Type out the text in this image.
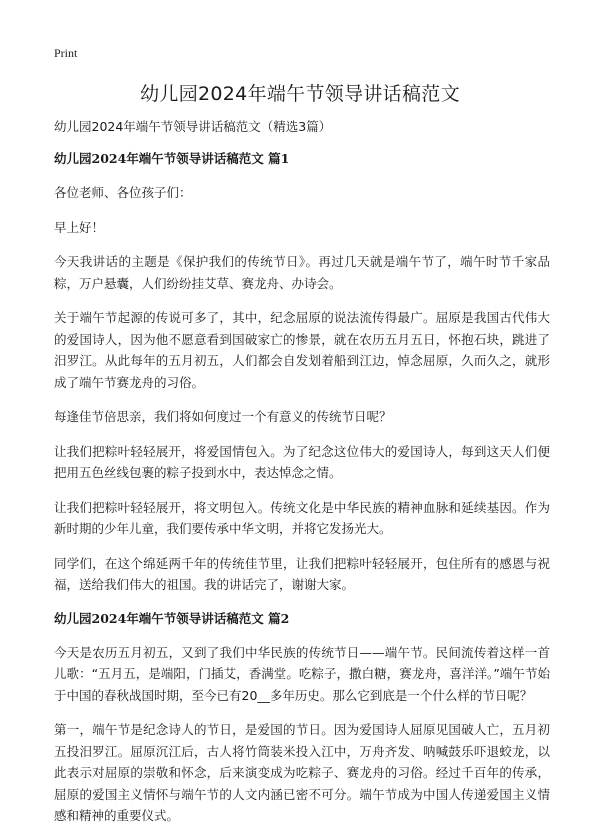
Print
幼儿园2024年端午节领导讲话稿范文

幼儿园2024年端午节领导讲话稿范文（精选3篇）

幼儿园2024年端午节领导讲话稿范文 篇1

各位老师、各位孩子们：

早上好！

今天我讲话的主题是《保护我们的传统节日》。再过几天就是端午节了，端午时节千家品粽，万户悬囊，人们纷纷挂艾草、赛龙舟、办诗会。

关于端午节起源的传说可多了，其中，纪念屈原的说法流传得最广。屈原是我国古代伟大的爱国诗人，因为他不愿意看到国破家亡的惨景，就在农历五月五日，怀抱石块，跳进了汨罗江。从此每年的五月初五，人们都会自发划着船到江边，悼念屈原，久而久之，就形成了端午节赛龙舟的习俗。

每逢佳节倍思亲，我们将如何度过一个有意义的传统节日呢？

让我们把粽叶轻轻展开，将爱国情包入。为了纪念这位伟大的爱国诗人，每到这天人们便把用五色丝线包裹的粽子投到水中，表达悼念之情。

让我们把粽叶轻轻展开，将文明包入。传统文化是中华民族的精神血脉和延续基因。作为新时期的少年儿童，我们要传承中华文明，并将它发扬光大。

同学们，在这个绵延两千年的传统佳节里，让我们把粽叶轻轻展开，包住所有的感恩与祝福，送给我们伟大的祖国。我的讲话完了，谢谢大家。

幼儿园2024年端午节领导讲话稿范文 篇2

今天是农历五月初五，又到了我们中华民族的传统节日——端午节。民间流传着这样一首儿歌：“五月五，是端阳，门插艾，香满堂。吃粽子，撒白糖，赛龙舟，喜洋洋。”端午节始于中国的春秋战国时期，至今已有20__多年历史。那么它到底是一个什么样的节日呢？

第一，端午节是纪念诗人的节日，是爱国的节日。因为爱国诗人屈原见国破人亡，五月初五投汨罗江。屈原沉江后，古人将竹筒装米投入江中，万舟齐发、呐喊鼓乐吓退蛟龙，以此表示对屈原的崇敬和怀念，后来演变成为吃粽子、赛龙舟的习俗。经过千百年的传承，屈原的爱国主义情怀与端午节的人文内涵已密不可分。端午节成为中国人传递爱国主义情感和精神的重要仪式。
